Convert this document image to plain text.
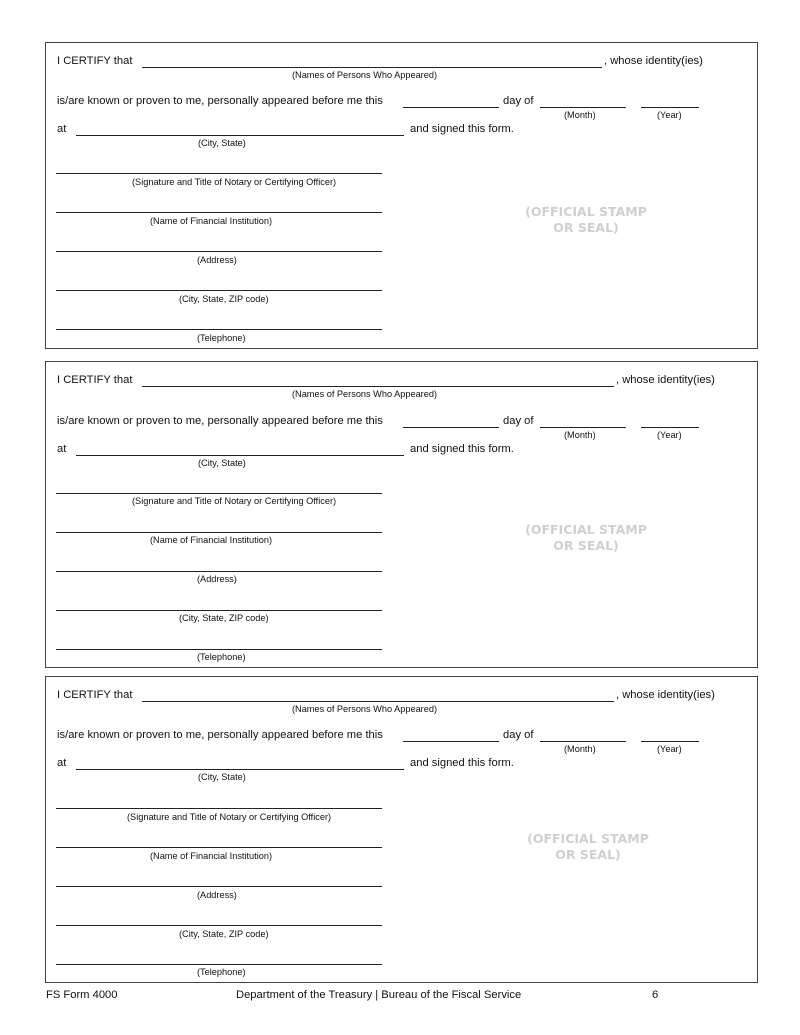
I CERTIFY that	, whose identity(ies)
(Names of Persons Who Appeared)
is/are known or proven to me, personally appeared before me this	day of
(Month)	(Year)
at	and signed this form.
(City, State)
(Signature and Title of Notary or Certifying Officer)
(Name of Financial Institution)
(Address)
(City, State, ZIP code)
(Telephone)
(OFFICIAL STAMP
OR SEAL)
I CERTIFY that	, whose identity(ies)
(Names of Persons Who Appeared)
is/are known or proven to me, personally appeared before me this	day of
(Month)	(Year)
at	and signed this form.
(City, State)
(Signature and Title of Notary or Certifying Officer)
(Name of Financial Institution)
(Address)
(City, State, ZIP code)
(Telephone)
(OFFICIAL STAMP
OR SEAL)
I CERTIFY that	, whose identity(ies)
(Names of Persons Who Appeared)
is/are known or proven to me, personally appeared before me this	day of
(Month)	(Year)
at	and signed this form.
(City, State)
(Signature and Title of Notary or Certifying Officer)
(Name of Financial Institution)
(Address)
(City, State, ZIP code)
(Telephone)
(OFFICIAL STAMP
OR SEAL)
FS Form 4000	Department of the Treasury | Bureau of the Fiscal Service	6
